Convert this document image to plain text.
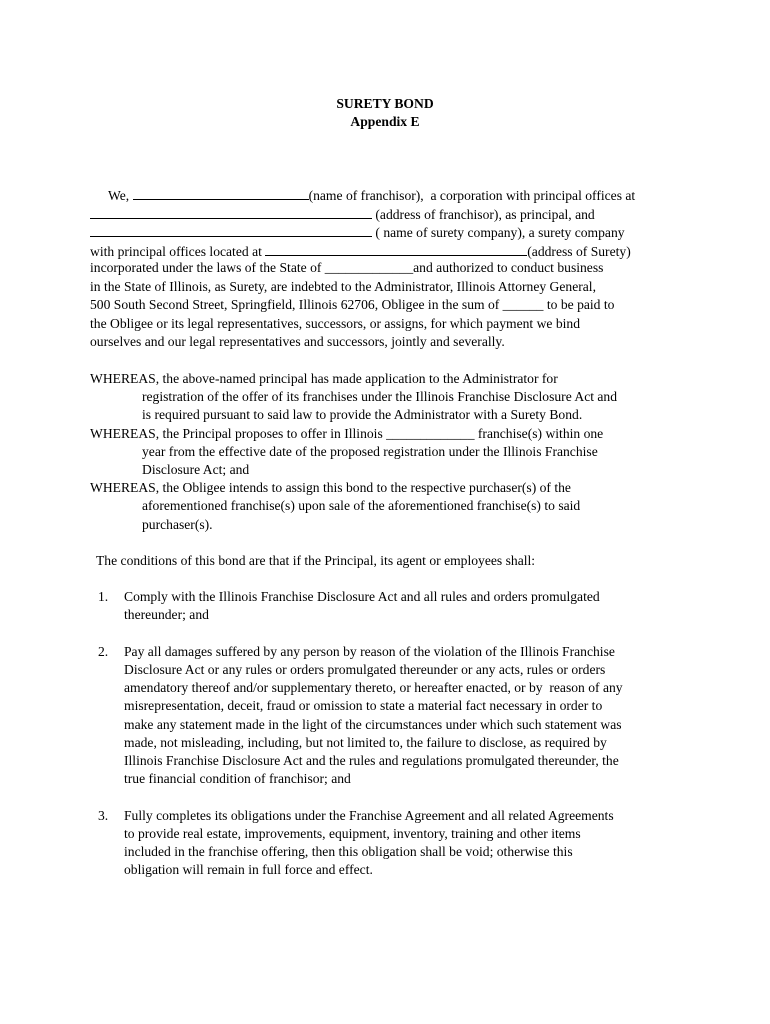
SURETY BOND
Appendix E
We,	(name of franchisor),  a corporation with principal offices at
(address of franchisor), as principal, and
( name of surety company), a surety company
with principal offices located at	(address of Surety)
incorporated under the laws of the State of _____________and authorized to conduct business
in the State of Illinois, as Surety, are indebted to the Administrator, Illinois Attorney General,
500 South Second Street, Springfield, Illinois 62706, Obligee in the sum of ______ to be paid to
the Obligee or its legal representatives, successors, or assigns, for which payment we bind
ourselves and our legal representatives and successors, jointly and severally.
WHEREAS, the above-named principal has made application to the Administrator for
registration of the offer of its franchises under the Illinois Franchise Disclosure Act and
is required pursuant to said law to provide the Administrator with a Surety Bond.
WHEREAS, the Principal proposes to offer in Illinois _____________ franchise(s) within one
year from the effective date of the proposed registration under the Illinois Franchise
Disclosure Act; and
WHEREAS, the Obligee intends to assign this bond to the respective purchaser(s) of the
aforementioned franchise(s) upon sale of the aforementioned franchise(s) to said
purchaser(s).
The conditions of this bond are that if the Principal, its agent or employees shall:
1. Comply with the Illinois Franchise Disclosure Act and all rules and orders promulgated
thereunder; and
2. Pay all damages suffered by any person by reason of the violation of the Illinois Franchise
Disclosure Act or any rules or orders promulgated thereunder or any acts, rules or orders
amendatory thereof and/or supplementary thereto, or hereafter enacted, or by  reason of any
misrepresentation, deceit, fraud or omission to state a material fact necessary in order to
make any statement made in the light of the circumstances under which such statement was
made, not misleading, including, but not limited to, the failure to disclose, as required by
Illinois Franchise Disclosure Act and the rules and regulations promulgated thereunder, the
true financial condition of franchisor; and
3. Fully completes its obligations under the Franchise Agreement and all related Agreements
to provide real estate, improvements, equipment, inventory, training and other items
included in the franchise offering, then this obligation shall be void; otherwise this
obligation will remain in full force and effect.
